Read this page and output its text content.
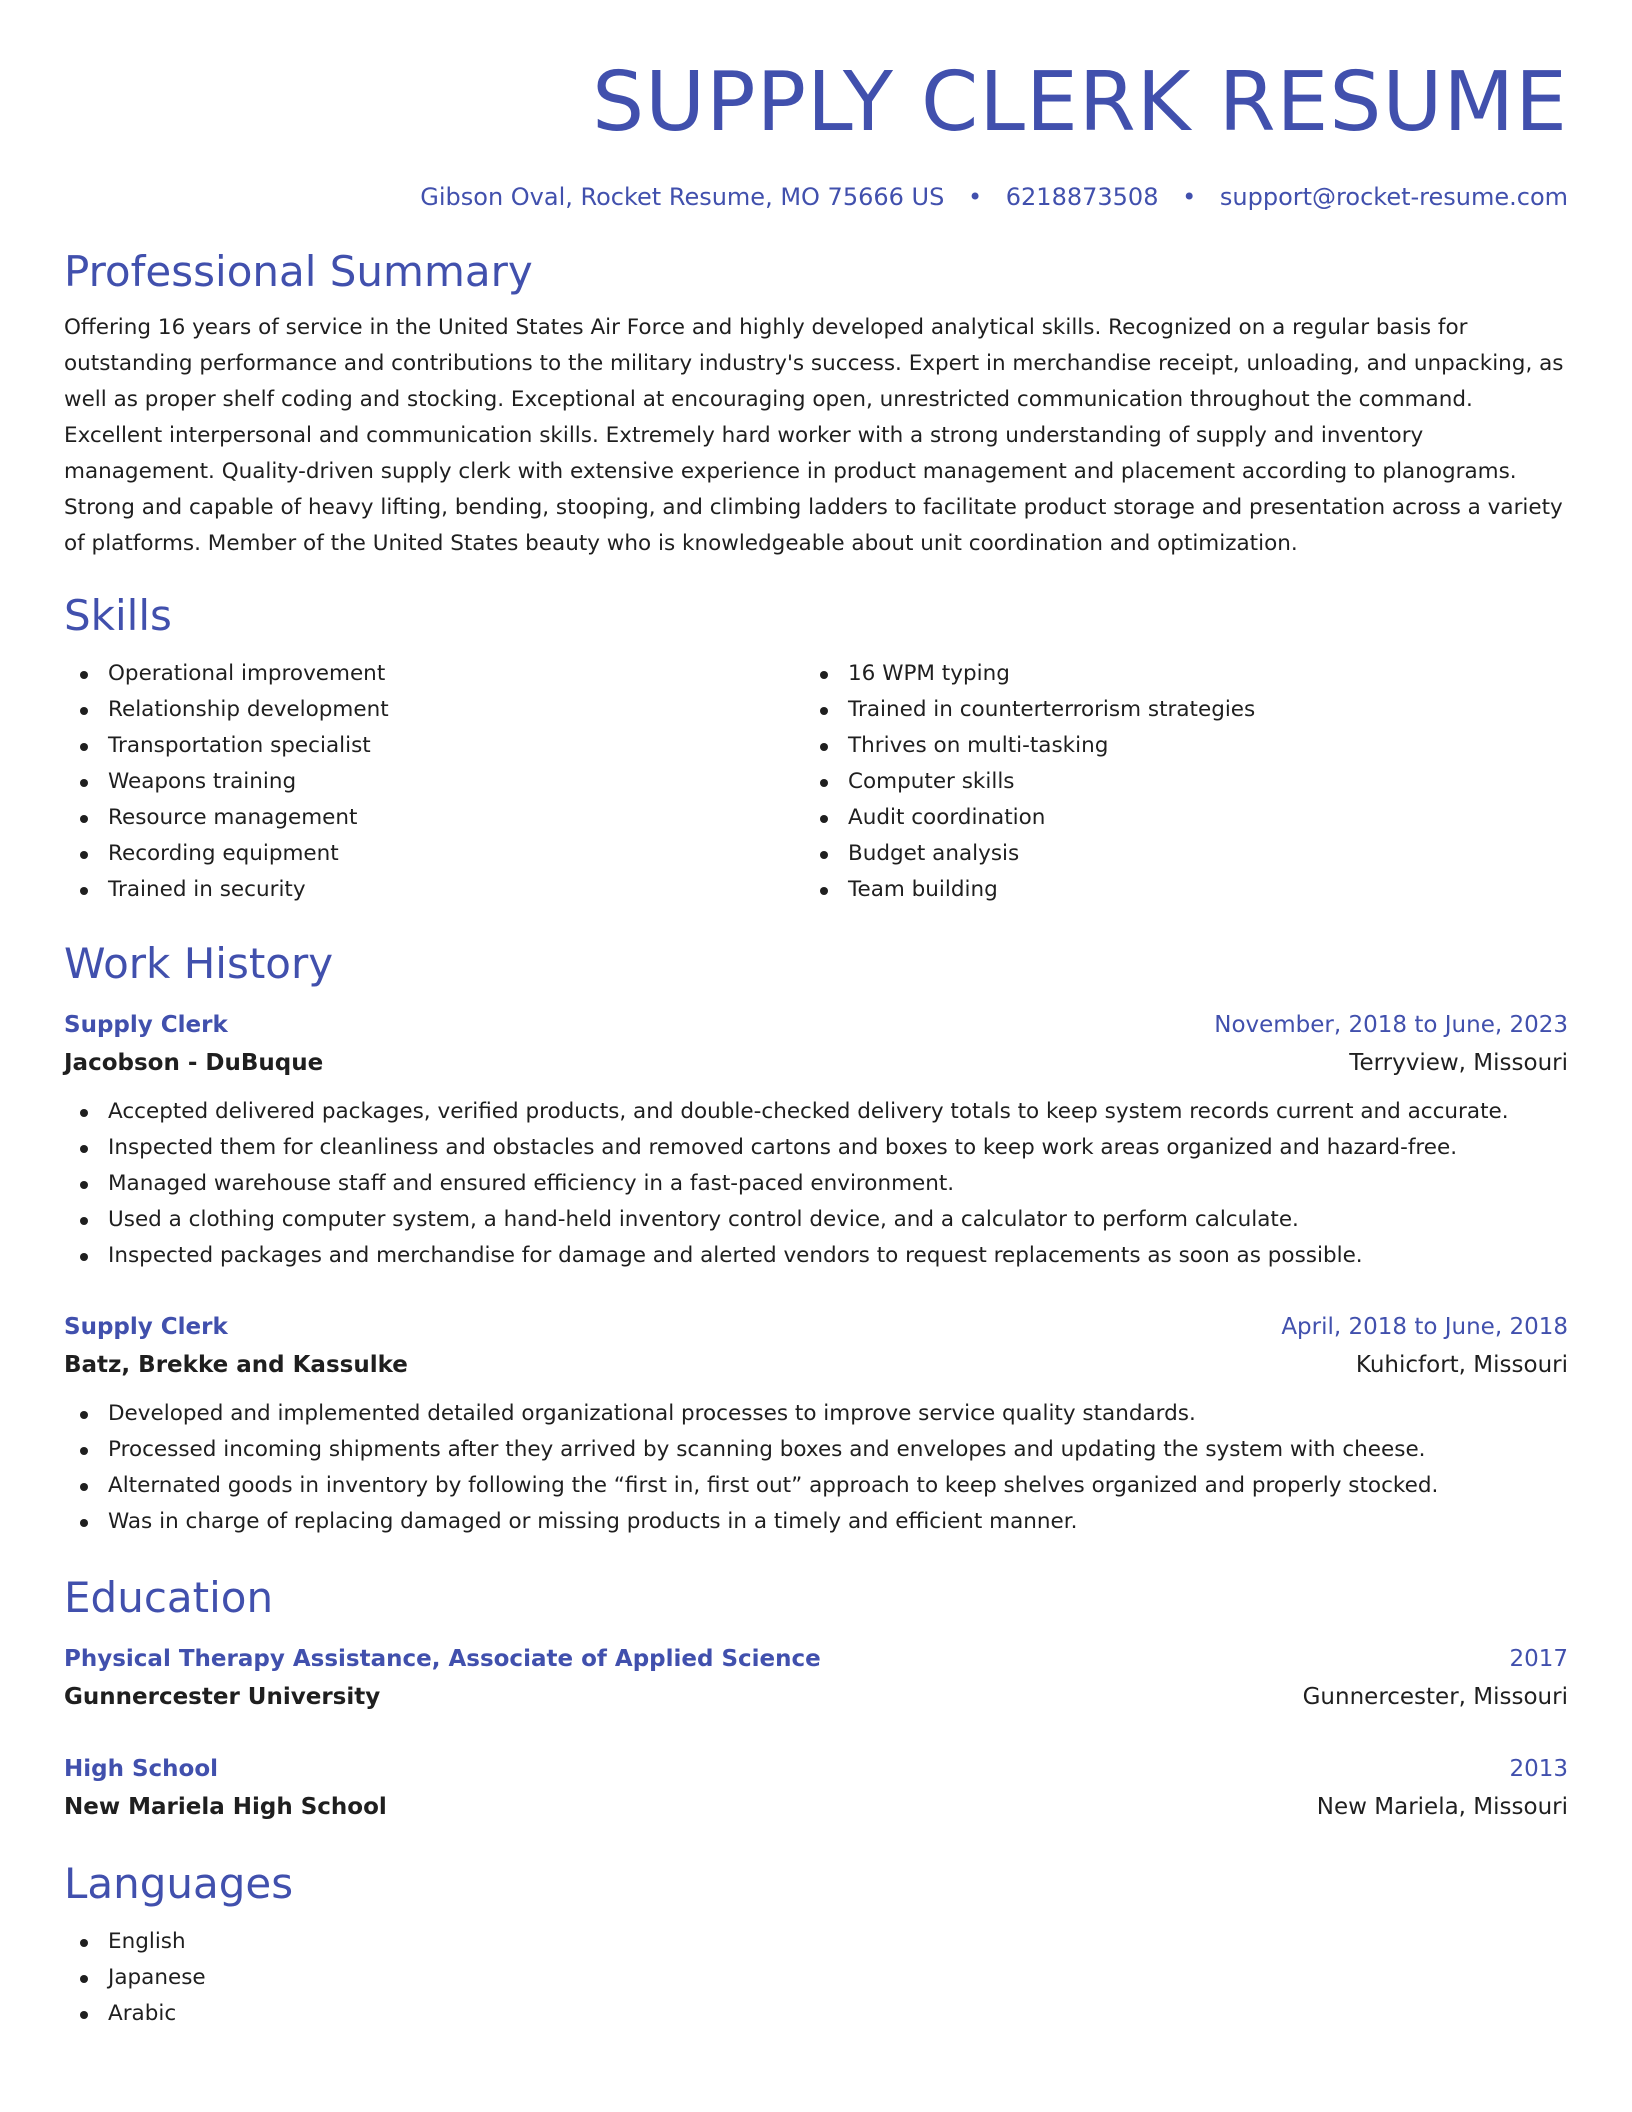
SUPPLY CLERK RESUME
Gibson Oval, Rocket Resume, MO 75666 US • 6218873508 • support@rocket-resume.com
Professional Summary

Offering 16 years of service in the United States Air Force and highly developed analytical skills. Recognized on a regular basis for outstanding performance and contributions to the military industry's success. Expert in merchandise receipt, unloading, and unpacking, as well as proper shelf coding and stocking. Exceptional at encouraging open, unrestricted communication throughout the command. Excellent interpersonal and communication skills. Extremely hard worker with a strong understanding of supply and inventory management. Quality-driven supply clerk with extensive experience in product management and placement according to planograms. Strong and capable of heavy lifting, bending, stooping, and climbing ladders to facilitate product storage and presentation across a variety of platforms. Member of the United States beauty who is knowledgeable about unit coordination and optimization.

Skills
Operational improvement
Relationship development
Transportation specialist
Weapons training
Resource management
Recording equipment
Trained in security
16 WPM typing
Trained in counterterrorism strategies
Thrives on multi-tasking
Computer skills
Audit coordination
Budget analysis
Team building
Work History
Supply Clerk	November, 2018 to June, 2023
Jacobson - DuBuque	Terryview, Missouri
Accepted delivered packages, verified products, and double-checked delivery totals to keep system records current and accurate.
Inspected them for cleanliness and obstacles and removed cartons and boxes to keep work areas organized and hazard-free.
Managed warehouse staff and ensured efficiency in a fast-paced environment.
Used a clothing computer system, a hand-held inventory control device, and a calculator to perform calculate.
Inspected packages and merchandise for damage and alerted vendors to request replacements as soon as possible.
Supply Clerk	April, 2018 to June, 2018
Batz, Brekke and Kassulke	Kuhicfort, Missouri
Developed and implemented detailed organizational processes to improve service quality standards.
Processed incoming shipments after they arrived by scanning boxes and envelopes and updating the system with cheese.
Alternated goods in inventory by following the “first in, first out” approach to keep shelves organized and properly stocked.
Was in charge of replacing damaged or missing products in a timely and efficient manner.
Education
Physical Therapy Assistance, Associate of Applied Science	2017
Gunnercester University	Gunnercester, Missouri
High School	2013
New Mariela High School	New Mariela, Missouri
Languages
English
Japanese
Arabic
